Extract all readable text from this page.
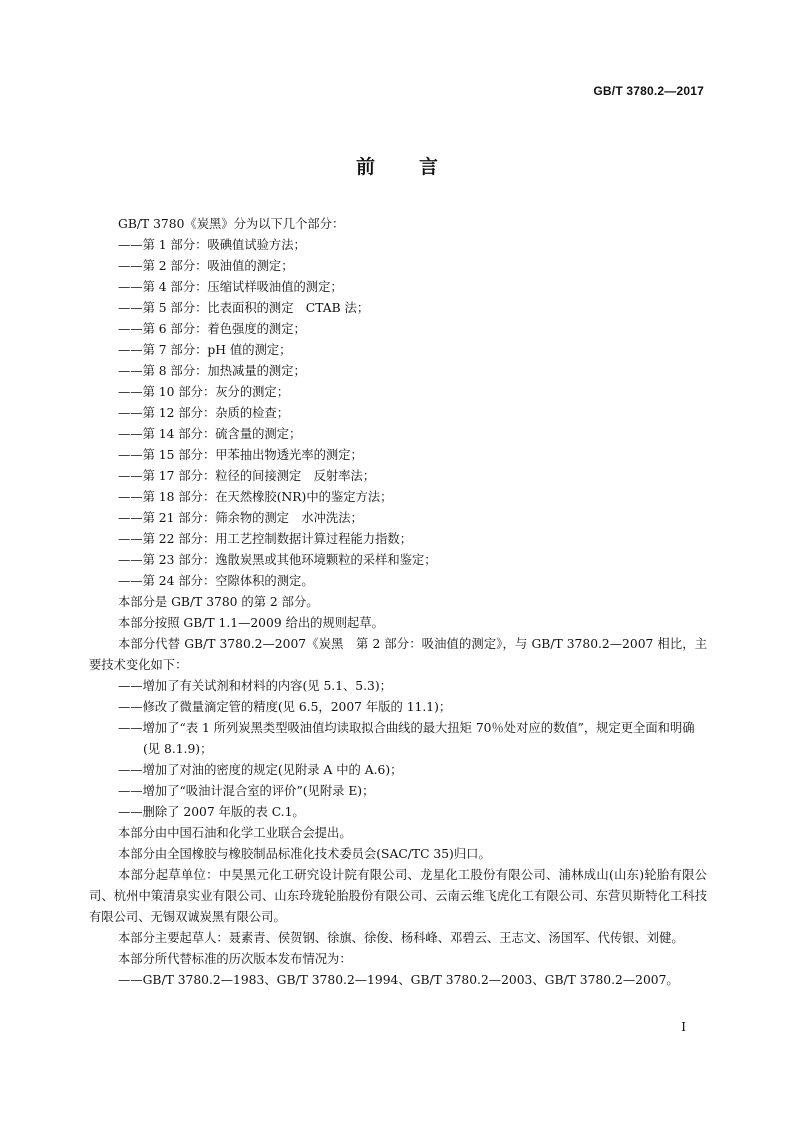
GB/T 3780.2—2017
前言

GB/T 3780《炭黑》分为以下几个部分：

——第 1 部分：吸碘值试验方法；

——第 2 部分：吸油值的测定；

——第 4 部分：压缩试样吸油值的测定；

——第 5 部分：比表面积的测定　CTAB 法；

——第 6 部分：着色强度的测定；

——第 7 部分：pH 值的测定；

——第 8 部分：加热减量的测定；

——第 10 部分：灰分的测定；

——第 12 部分：杂质的检查；

——第 14 部分：硫含量的测定；

——第 15 部分：甲苯抽出物透光率的测定；

——第 17 部分：粒径的间接测定　反射率法；

——第 18 部分：在天然橡胶(NR)中的鉴定方法；

——第 21 部分：筛余物的测定　水冲洗法；

——第 22 部分：用工艺控制数据计算过程能力指数；

——第 23 部分：逸散炭黑或其他环境颗粒的采样和鉴定；

——第 24 部分：空隙体积的测定。

本部分是 GB/T 3780 的第 2 部分。

本部分按照 GB/T 1.1—2009 给出的规则起草。

本部分代替 GB/T 3780.2—2007《炭黑　第 2 部分：吸油值的测定》，与 GB/T 3780.2—2007 相比，主要技术变化如下：

——增加了有关试剂和材料的内容(见 5.1、5.3)；

——修改了微量滴定管的精度(见 6.5，2007 年版的 11.1)；

——增加了“表 1 所列炭黑类型吸油值均读取拟合曲线的最大扭矩 70％处对应的数值”，规定更全面和明确(见 8.1.9)；

——增加了对油的密度的规定(见附录 A 中的 A.6)；

——增加了“吸油计混合室的评价”(见附录 E)；

——删除了 2007 年版的表 C.1。

本部分由中国石油和化学工业联合会提出。

本部分由全国橡胶与橡胶制品标准化技术委员会(SAC/TC 35)归口。

本部分起草单位：中昊黑元化工研究设计院有限公司、龙星化工股份有限公司、浦林成山(山东)轮胎有限公司、杭州中策清泉实业有限公司、山东玲珑轮胎股份有限公司、云南云维飞虎化工有限公司、东营贝斯特化工科技有限公司、无锡双诚炭黑有限公司。

本部分主要起草人：聂素青、侯贺钢、徐旗、徐俊、杨科峰、邓碧云、王志文、汤国军、代传银、刘健。

本部分所代替标准的历次版本发布情况为：

——GB/T 3780.2—1983、GB/T 3780.2—1994、GB/T 3780.2—2003、GB/T 3780.2—2007。

I
